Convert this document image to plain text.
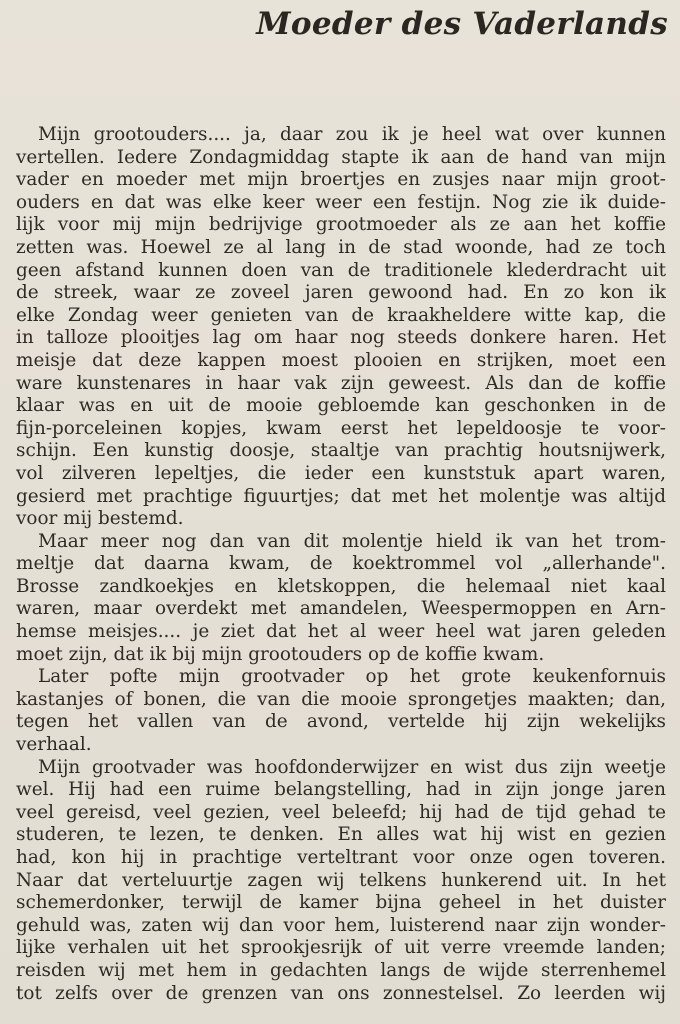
Moeder des Vaderlands
Mijn grootouders.... ja, daar zou ik je heel wat over kunnen
vertellen. Iedere Zondagmiddag stapte ik aan de hand van mijn
vader en moeder met mijn broertjes en zusjes naar mijn groot-
ouders en dat was elke keer weer een festijn. Nog zie ik duide-
lijk voor mij mijn bedrijvige grootmoeder als ze aan het koffie
zetten was. Hoewel ze al lang in de stad woonde, had ze toch
geen afstand kunnen doen van de traditionele klederdracht uit
de streek, waar ze zoveel jaren gewoond had. En zo kon ik
elke Zondag weer genieten van de kraakheldere witte kap, die
in talloze plooitjes lag om haar nog steeds donkere haren. Het
meisje dat deze kappen moest plooien en strijken, moet een
ware kunstenares in haar vak zijn geweest. Als dan de koffie
klaar was en uit de mooie gebloemde kan geschonken in de
fijn-porceleinen kopjes, kwam eerst het lepeldoosje te voor-
schijn. Een kunstig doosje, staaltje van prachtig houtsnijwerk,
vol zilveren lepeltjes, die ieder een kunststuk apart waren,
gesierd met prachtige figuurtjes; dat met het molentje was altijd
voor mij bestemd.
Maar meer nog dan van dit molentje hield ik van het trom-
meltje dat daarna kwam, de koektrommel vol „allerhande".
Brosse zandkoekjes en kletskoppen, die helemaal niet kaal
waren, maar overdekt met amandelen, Weespermoppen en Arn-
hemse meisjes.... je ziet dat het al weer heel wat jaren geleden
moet zijn, dat ik bij mijn grootouders op de koffie kwam.
Later pofte mijn grootvader op het grote keukenfornuis
kastanjes of bonen, die van die mooie sprongetjes maakten; dan,
tegen het vallen van de avond, vertelde hij zijn wekelijks
verhaal.
Mijn grootvader was hoofdonderwijzer en wist dus zijn weetje
wel. Hij had een ruime belangstelling, had in zijn jonge jaren
veel gereisd, veel gezien, veel beleefd; hij had de tijd gehad te
studeren, te lezen, te denken. En alles wat hij wist en gezien
had, kon hij in prachtige verteltrant voor onze ogen toveren.
Naar dat verteluurtje zagen wij telkens hunkerend uit. In het
schemerdonker, terwijl de kamer bijna geheel in het duister
gehuld was, zaten wij dan voor hem, luisterend naar zijn wonder-
lijke verhalen uit het sprookjesrijk of uit verre vreemde landen;
reisden wij met hem in gedachten langs de wijde sterrenhemel
tot zelfs over de grenzen van ons zonnestelsel. Zo leerden wij
